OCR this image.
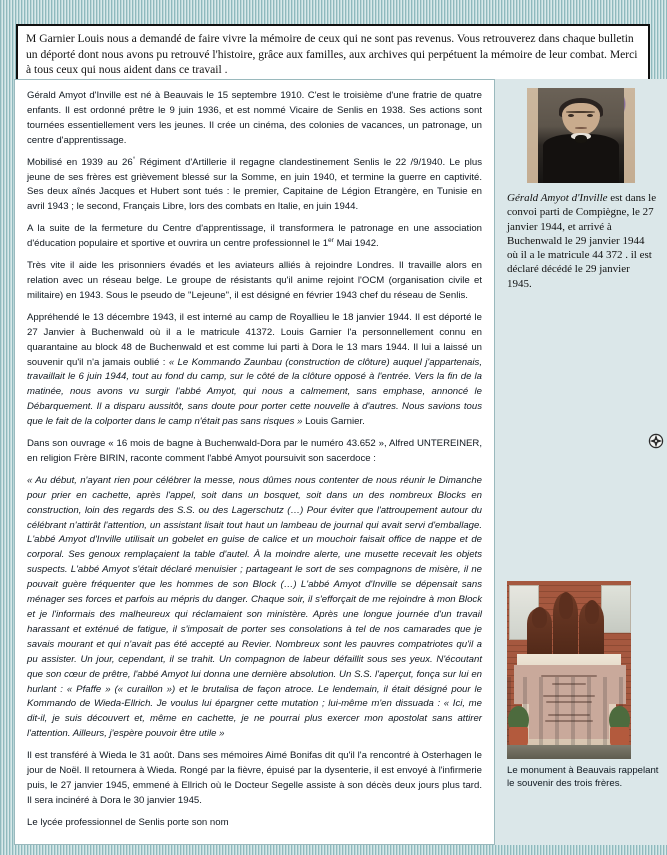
M Garnier Louis nous a demandé de faire vivre la mémoire de ceux qui ne sont pas revenus. Vous retrouverez dans chaque bulletin un déporté dont nous avons pu retrouvé l'histoire, grâce aux familles, aux archives qui perpétuent la mémoire de leur combat. Merci à tous ceux qui nous aident dans ce travail .

Gérald Amyot d'Inville est né à Beauvais le 15 septembre 1910. C'est le troisième d'une fratrie de quatre enfants. Il est ordonné prêtre le 9 juin 1936, et est nommé Vicaire de Senlis en 1938. Ses actions sont tournées essentiellement vers les jeunes. Il crée un cinéma, des colonies de vacances, un patronage, un centre d'apprentissage.

Mobilisé en 1939 au 26° Régiment d'Artillerie il regagne clandestinement Senlis le 22 /9/1940. Le plus jeune de ses frères est grièvement blessé sur la Somme, en juin 1940, et termine la guerre en captivité. Ses deux aînés Jacques et Hubert sont tués : le premier, Capitaine de Légion Etrangère, en Tunisie en avril 1943 ; le second, Français Libre, lors des combats en Italie, en juin 1944.

A la suite de la fermeture du Centre d'apprentissage, il transformera le patronage en une association d'éducation populaire et sportive et ouvrira un centre professionnel le 1er Mai 1942.

Très vite il aide les prisonniers évadés et les aviateurs alliés à rejoindre Londres. Il travaille alors en relation avec un réseau belge. Le groupe de résistants qu'il anime rejoint l'OCM (organisation civile et militaire) en 1943. Sous le pseudo de "Lejeune", il est désigné en février 1943 chef du réseau de Senlis.

Appréhendé le 13 décembre 1943, il est interné au camp de Royallieu le 18 janvier 1944. Il est déporté le 27 Janvier à Buchenwald où il a le matricule 41372. Louis Garnier l'a personnellement connu en quarantaine au block 48 de Buchenwald et est comme lui parti à Dora le 13 mars 1944. Il lui a laissé un souvenir qu'il n'a jamais oublié : « Le Kommando Zaunbau (construction de clôture) auquel j'appartenais, travaillait le 6 juin 1944, tout au fond du camp, sur le côté de la clôture opposé à l'entrée. Vers la fin de la matinée, nous avons vu surgir l'abbé Amyot, qui nous a calmement, sans emphase, annoncé le Débarquement. Il a disparu aussitôt, sans doute pour porter cette nouvelle à d'autres. Nous savions tous que le fait de la colporter dans le camp n'était pas sans risques » Louis Garnier.

Dans son ouvrage « 16 mois de bagne à Buchenwald-Dora par le numéro 43.652 », Alfred UNTEREINER, en religion Frère BIRIN, raconte comment l'abbé Amyot poursuivit son sacerdoce :

« Au début, n'ayant rien pour célébrer la messe, nous dûmes nous contenter de nous réunir le Dimanche pour prier en cachette, après l'appel, soit dans un bosquet, soit dans un des nombreux Blocks en construction, loin des regards des S.S. ou des Lagerschutz (…) Pour éviter que l'attroupement autour du célébrant n'attirât l'attention, un assistant lisait tout haut un lambeau de journal qui avait servi d'emballage. L'abbé Amyot d'Inville utilisait un gobelet en guise de calice et un mouchoir faisait office de nappe et de corporal. Ses genoux remplaçaient la table d'autel. À la moindre alerte, une musette recevait les objets suspects. L'abbé Amyot s'était déclaré menuisier ; partageant le sort de ses compagnons de misère, il ne pouvait guère fréquenter que les hommes de son Block (…) L'abbé Amyot d'Inville se dépensait sans ménager ses forces et parfois au mépris du danger. Chaque soir, il s'efforçait de me rejoindre à mon Block et je l'informais des malheureux qui réclamaient son ministère. Après une longue journée d'un travail harassant et exténué de fatigue, il s'imposait de porter ses consolations à tel de nos camarades que je savais mourant et qui n'avait pas été accepté au Revier. Nombreux sont les pauvres compatriotes qu'il a pu assister. Un jour, cependant, il se trahit. Un compagnon de labeur défaillit sous ses yeux. N'écoutant que son cœur de prêtre, l'abbé Amyot lui donna une dernière absolution. Un S.S. l'aperçut, fonça sur lui en hurlant : « Pfaffe » (« curaillon ») et le brutalisa de façon atroce. Le lendemain, il était désigné pour le Kommando de Wieda-Ellrich. Je voulus lui épargner cette mutation ; lui-même m'en dissuada : « Ici, me dit-il, je suis découvert et, même en cachette, je ne pourrai plus exercer mon apostolat sans attirer l'attention. Ailleurs, j'espère pouvoir être utile »

Il est transféré à Wieda le 31 août. Dans ses mémoires Aimé Bonifas dit qu'il l'a rencontré à Osterhagen le jour de Noël. Il retournera à Wieda. Rongé par la fièvre, épuisé par la dysenterie, il est envoyé à l'infirmerie puis, le 27 janvier 1945, emmené à Ellrich où le Docteur Segelle assiste à son décès deux jours plus tard. Il sera incinéré à Dora le 30 janvier 1945.

Le lycée professionnel de Senlis porte son nom

Gérald Amyot d'Inville est dans le convoi parti de Compiègne, le 27 janvier 1944, et arrivé à Buchenwald le 29 janvier 1944 où il a le matricule 44 372 . il est déclaré décédé le 29 janvier 1945.
Le monument à Beauvais rappelant le souvenir des trois frères.
